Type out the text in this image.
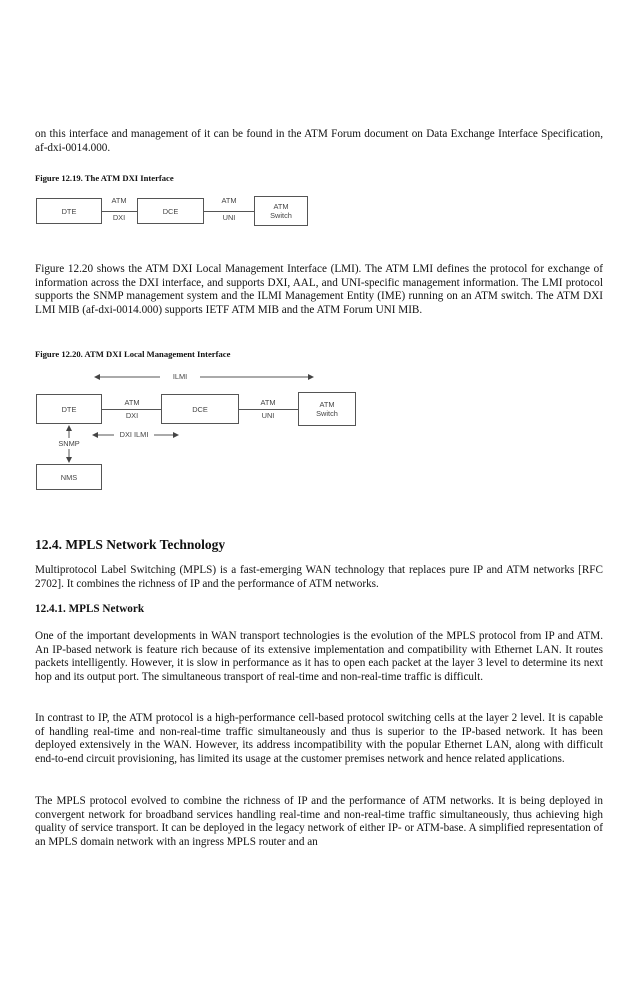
on this interface and management of it can be found in the ATM Forum document on Data Exchange Interface Specification, af-dxi-0014.000.

Figure 12.19. The ATM DXI Interface

DTE
ATM
DXI
DCE
ATM
UNI
ATM
Switch

Figure 12.20 shows the ATM DXI Local Management Interface (LMI). The ATM LMI defines the protocol for exchange of information across the DXI interface, and supports DXI, AAL, and UNI-specific management information. The LMI protocol supports the SNMP management system and the ILMI Management Entity (IME) running on an ATM switch. The ATM DXI LMI MIB (af-dxi-0014.000) supports IETF ATM MIB and the ATM Forum UNI MIB.

Figure 12.20. ATM DXI Local Management Interface

ILMI
DTE
ATM
DXI
DCE
ATM
UNI
ATM
Switch
DXI ILMI
SNMP
NMS

12.4. MPLS Network Technology

Multiprotocol Label Switching (MPLS) is a fast-emerging WAN technology that replaces pure IP and ATM networks [RFC 2702]. It combines the richness of IP and the performance of ATM networks.

12.4.1. MPLS Network

One of the important developments in WAN transport technologies is the evolution of the MPLS protocol from IP and ATM. An IP-based network is feature rich because of its extensive implementation and compatibility with Ethernet LAN. It routes packets intelligently. However, it is slow in performance as it has to open each packet at the layer 3 level to determine its next hop and its output port. The simultaneous transport of real-time and non-real-time traffic is difficult.

In contrast to IP, the ATM protocol is a high-performance cell-based protocol switching cells at the layer 2 level. It is capable of handling real-time and non-real-time traffic simultaneously and thus is superior to the IP-based network. It has been deployed extensively in the WAN. However, its address incompatibility with the popular Ethernet LAN, along with difficult end-to-end circuit provisioning, has limited its usage at the customer premises network and hence related applications.

The MPLS protocol evolved to combine the richness of IP and the performance of ATM networks. It is being deployed in convergent network for broadband services handling real-time and non-real-time traffic simultaneously, thus achieving high quality of service transport. It can be deployed in the legacy network of either IP- or ATM-base. A simplified representation of an MPLS domain network with an ingress MPLS router and an
